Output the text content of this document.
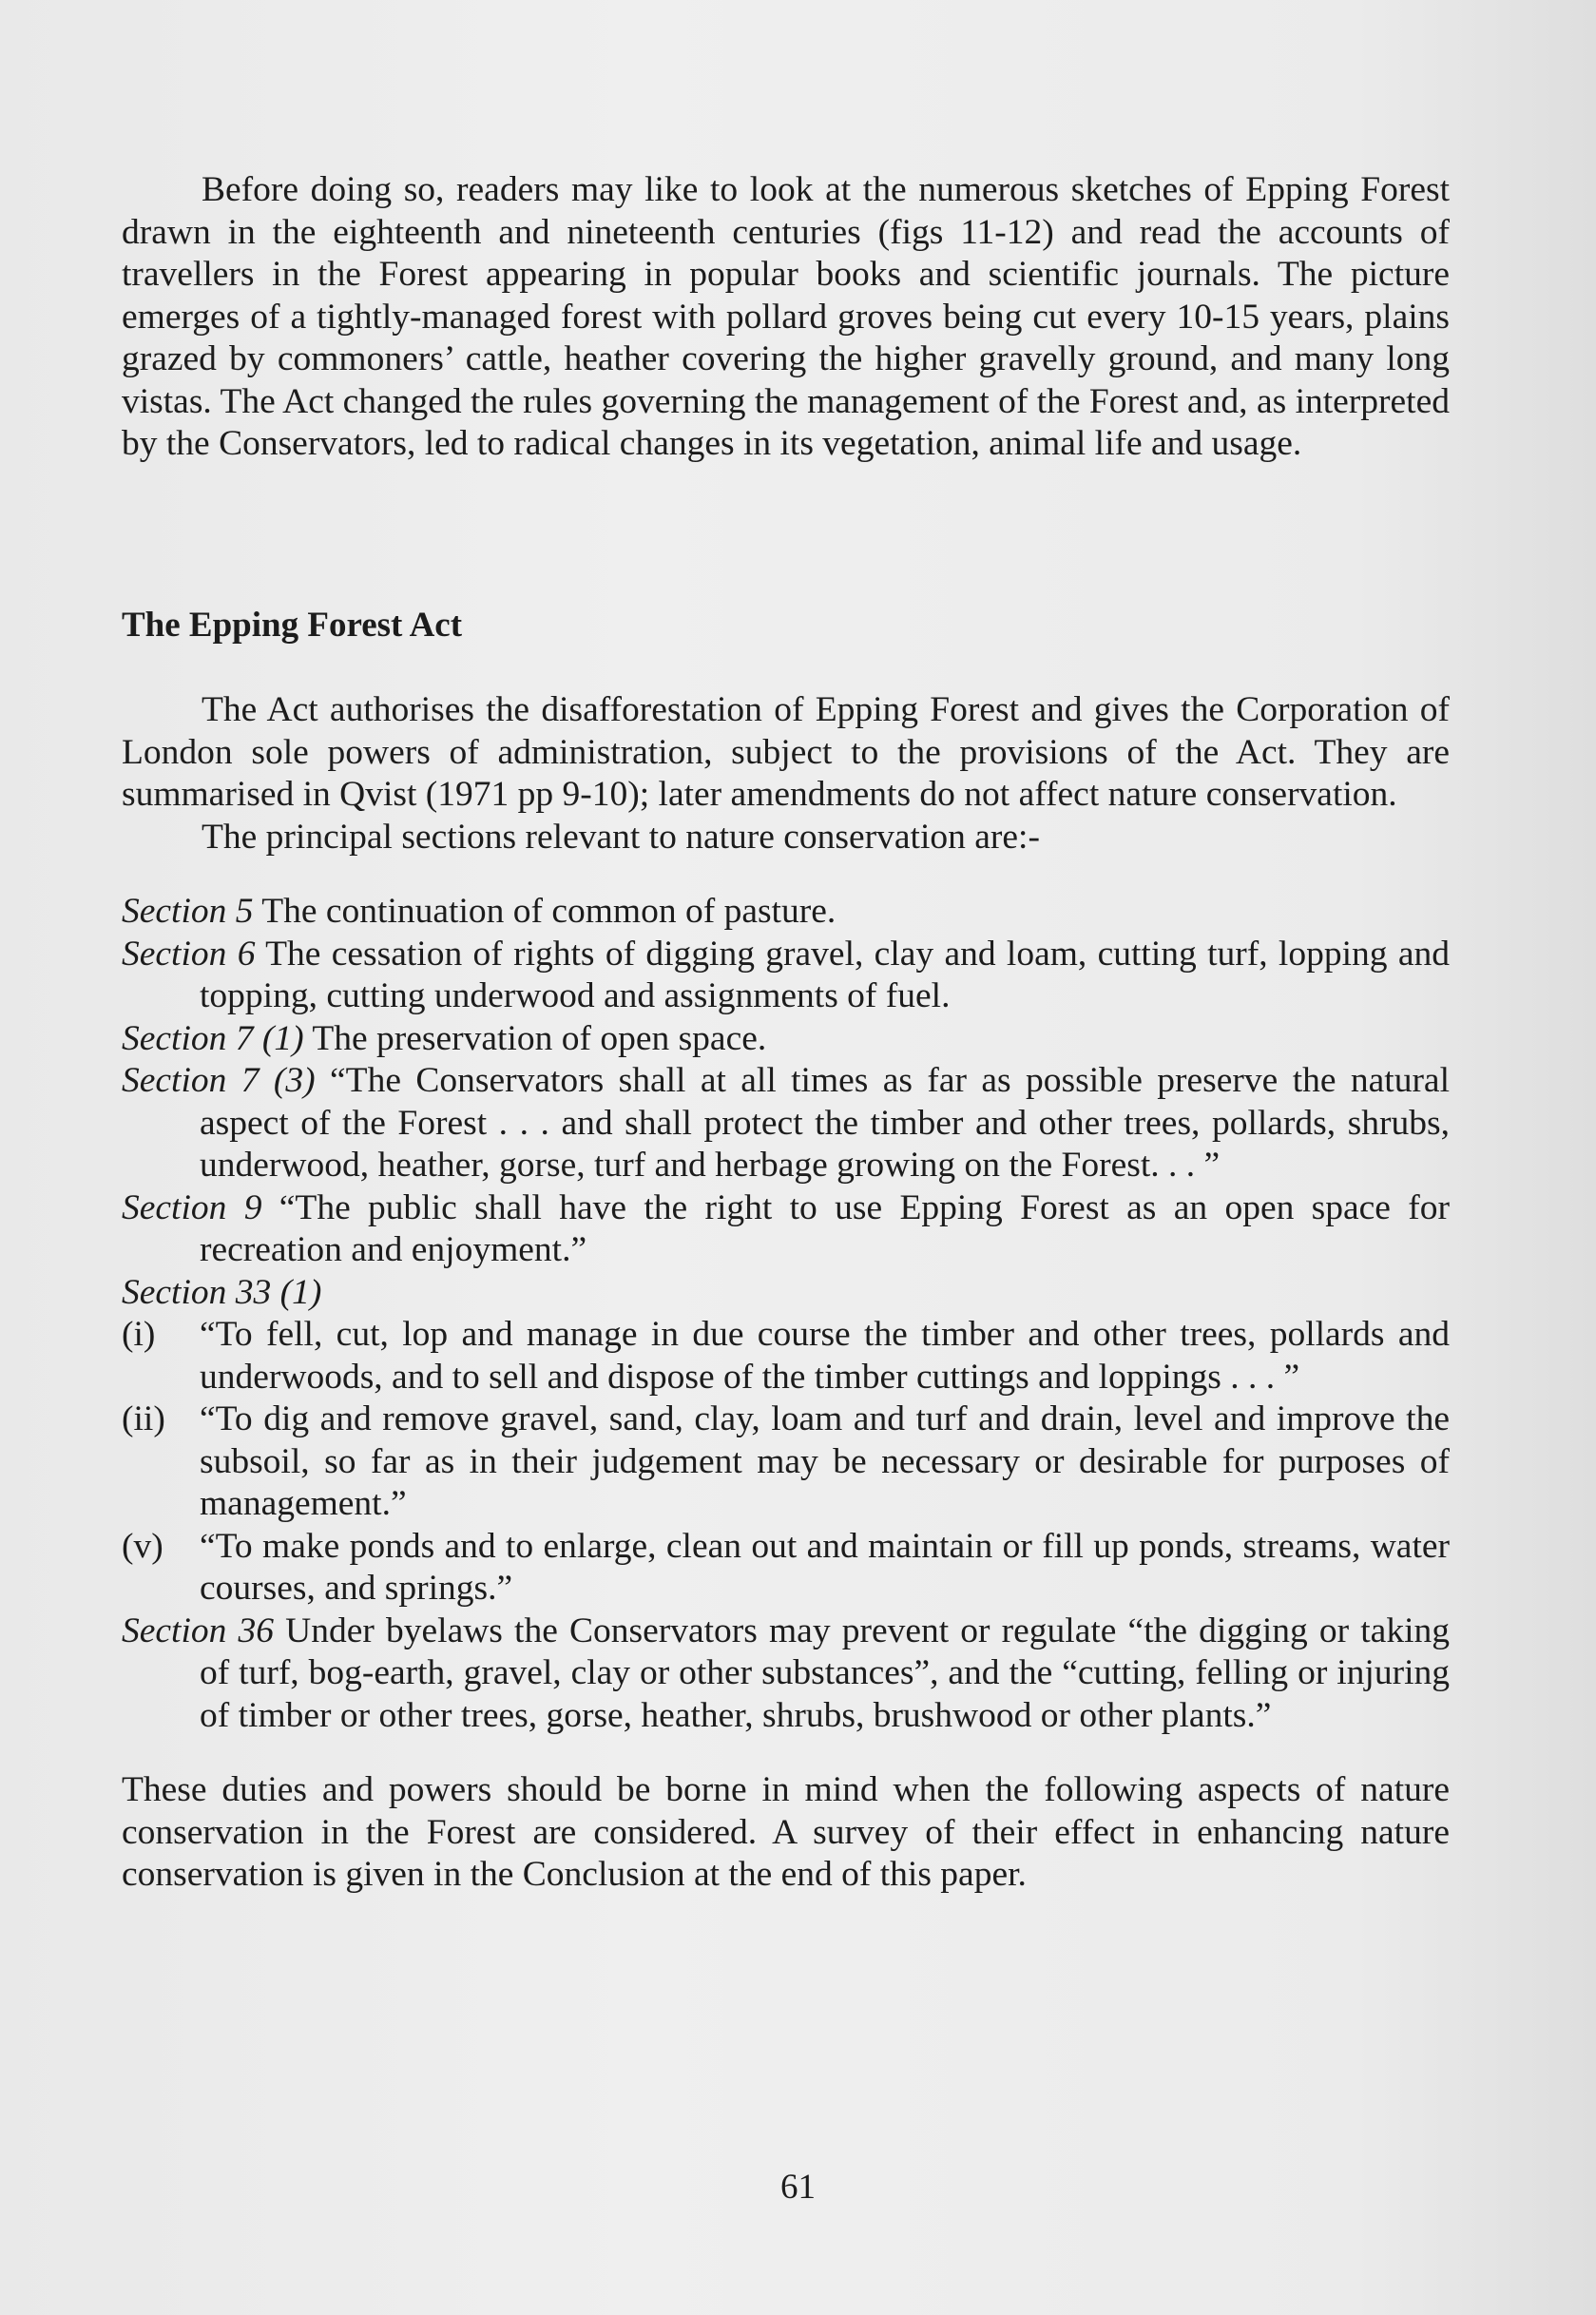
Before doing so, readers may like to look at the numerous sketches of Epping Forest drawn in the eighteenth and nineteenth centuries (figs 11-12) and read the accounts of travellers in the Forest appearing in popular books and scientific journals. The picture emerges of a tightly-managed forest with pollard groves being cut every 10-15 years, plains grazed by commoners’ cattle, heather covering the higher gravelly ground, and many long vistas. The Act changed the rules governing the management of the Forest and, as interpreted by the Conservators, led to radical changes in its vegetation, animal life and usage.

The Epping Forest Act

The Act authorises the disafforestation of Epping Forest and gives the Corporation of London sole powers of administration, subject to the provisions of the Act. They are summarised in Qvist (1971 pp 9-10); later amendments do not affect nature conservation.

The principal sections relevant to nature conservation are:-

Section 5 The continuation of common of pasture.

Section 6 The cessation of rights of digging gravel, clay and loam, cutting turf, lopping and topping, cutting underwood and assignments of fuel.

Section 7 (1) The preservation of open space.

Section 7 (3) “The Conservators shall at all times as far as possible preserve the natural aspect of the Forest . . . and shall protect the timber and other trees, pollards, shrubs, underwood, heather, gorse, turf and herbage growing on the Forest. . . ”

Section 9 “The public shall have the right to use Epping Forest as an open space for recreation and enjoyment.”

Section 33 (1)

(i) “To fell, cut, lop and manage in due course the timber and other trees, pollards and underwoods, and to sell and dispose of the timber cuttings and loppings . . . ”

(ii) “To dig and remove gravel, sand, clay, loam and turf and drain, level and improve the subsoil, so far as in their judgement may be necessary or desirable for purposes of management.”

(v) “To make ponds and to enlarge, clean out and maintain or fill up ponds, streams, water courses, and springs.”

Section 36 Under byelaws the Conservators may prevent or regulate “the digging or taking of turf, bog-earth, gravel, clay or other substances”, and the “cutting, felling or injuring of timber or other trees, gorse, heather, shrubs, brushwood or other plants.”

These duties and powers should be borne in mind when the following aspects of nature conservation in the Forest are considered. A survey of their effect in enhancing nature conservation is given in the Conclusion at the end of this paper.

61
